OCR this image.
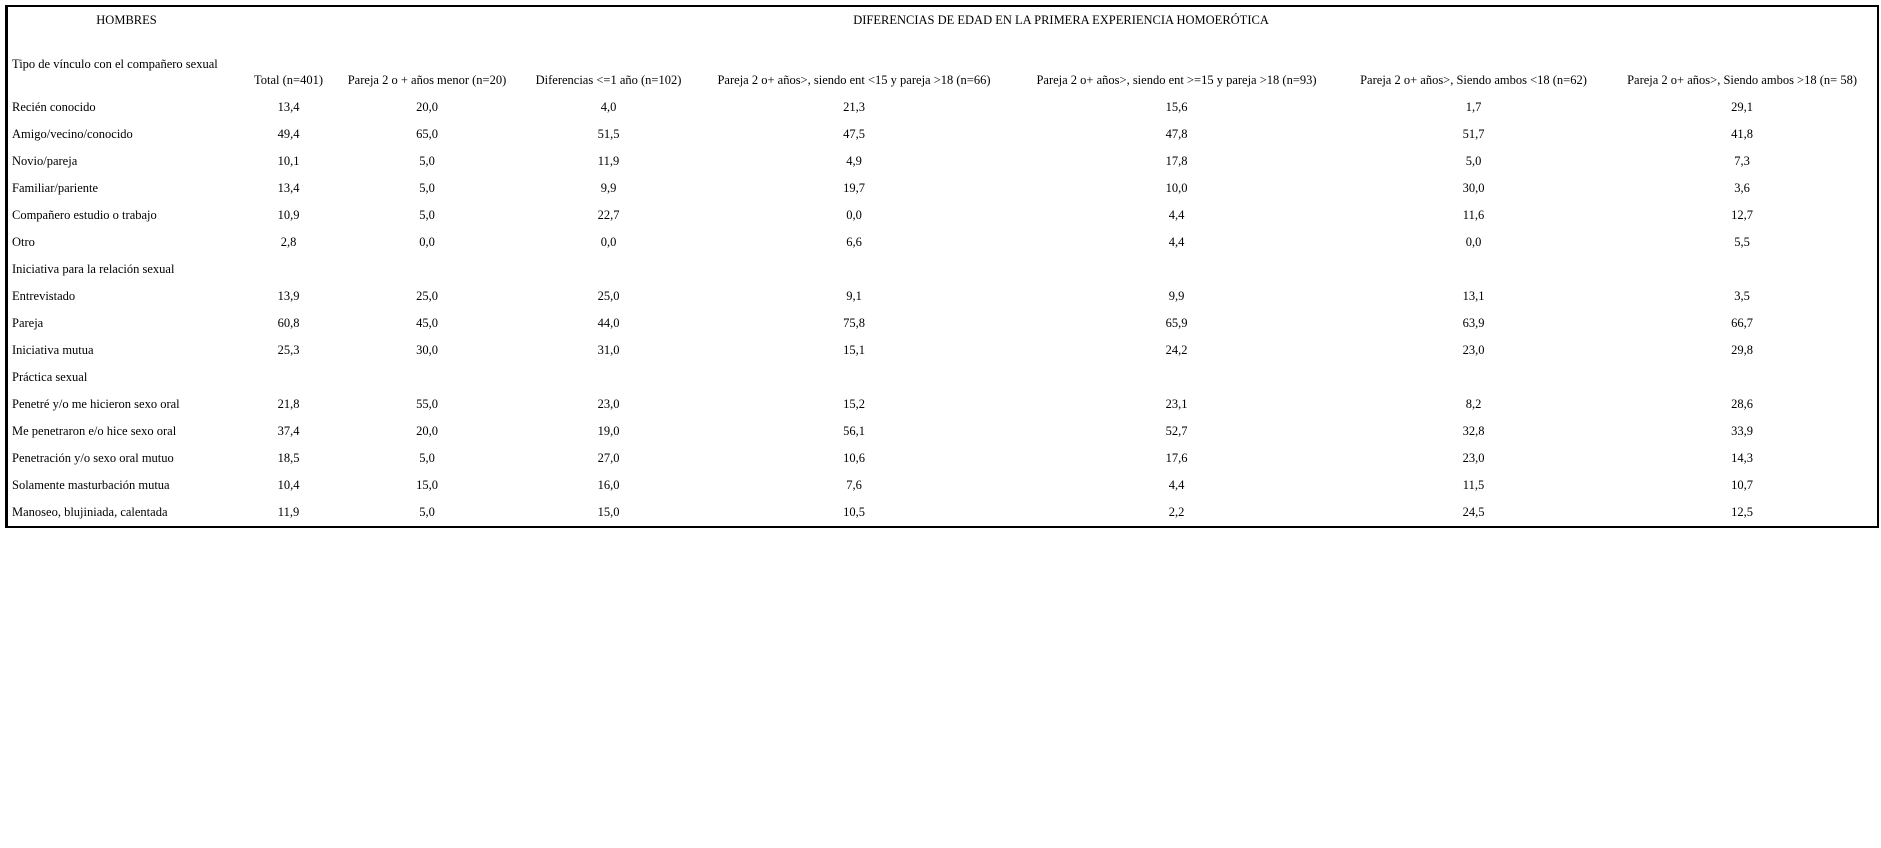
HOMBRES	DIFERENCIAS DE EDAD EN LA PRIMERA EXPERIENCIA HOMOERÓTICA						
Tipo de vínculo con el compañero sexual	Total (n=401)	Pareja 2 o + años menor (n=20)	Diferencias <=1 año (n=102)	Pareja 2 o+ años>, siendo ent <15 y pareja >18 (n=66)	Pareja 2 o+ años>, siendo ent >=15 y pareja >18 (n=93)	Pareja 2 o+ años>, Siendo ambos <18 (n=62)	Pareja 2 o+ años>, Siendo ambos >18 (n= 58)
Recién conocido	13,4	20,0	4,0	21,3	15,6	1,7	29,1
Amigo/vecino/conocido	49,4	65,0	51,5	47,5	47,8	51,7	41,8
Novio/pareja	10,1	5,0	11,9	4,9	17,8	5,0	7,3
Familiar/pariente	13,4	5,0	9,9	19,7	10,0	30,0	3,6
Compañero estudio o trabajo	10,9	5,0	22,7	0,0	4,4	11,6	12,7
Otro	2,8	0,0	0,0	6,6	4,4	0,0	5,5
Iniciativa para la relación sexual							
Entrevistado	13,9	25,0	25,0	9,1	9,9	13,1	3,5
Pareja	60,8	45,0	44,0	75,8	65,9	63,9	66,7
Iniciativa mutua	25,3	30,0	31,0	15,1	24,2	23,0	29,8
Práctica sexual							
Penetré y/o me hicieron sexo oral	21,8	55,0	23,0	15,2	23,1	8,2	28,6
Me penetraron e/o hice sexo oral	37,4	20,0	19,0	56,1	52,7	32,8	33,9
Penetración y/o sexo oral mutuo	18,5	5,0	27,0	10,6	17,6	23,0	14,3
Solamente masturbación mutua	10,4	15,0	16,0	7,6	4,4	11,5	10,7
Manoseo, blujiniada, calentada	11,9	5,0	15,0	10,5	2,2	24,5	12,5
